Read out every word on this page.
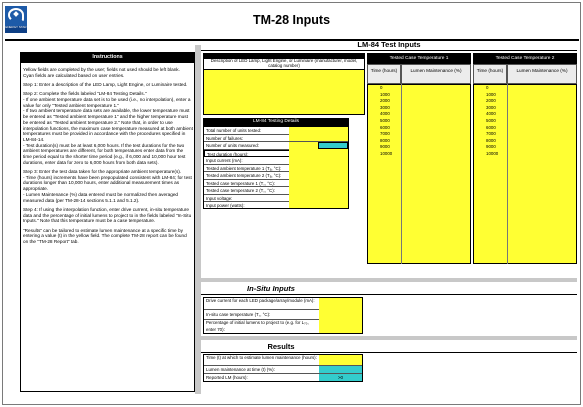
ENERGY STAR	TM-28 Inputs
Instructions

Yellow fields are completed by the user; fields not used should be left blank.
Cyan fields are calculated based on user entries.

Step 1: Enter a description of the LED Lamp, Light Engine, or Luminaire tested.

Step 2: Complete the fields labeled "LM-84 Testing Details."
- If one ambient temperature data set is to be used (i.e., no interpolation), enter a value for only "Tested ambient temperature 1."
- If two ambient temperature data sets are available, the lower temperature must be entered as "Tested ambient temperature 1" and the higher temperature must be entered as "Tested ambient temperature 2." Note that, in order to use interpolation functions, the maximum case temperature measured at both ambient temperatures must be provided in accordance with the procedures specified in LM-84-14.
- Test duration(s) must be at least 6,000 hours. If the test durations for the two ambient temperatures are different, for both temperatures enter data from the time period equal to the shorter time period (e.g., if 6,000 and 10,000 hour test durations, enter data for zero to 6,000 hours from both data sets).

Step 3: Enter the test data taken for the appropriate ambient temperature(s).
- Time (hours) increments have been prepopulated consistent with LM-84; for test durations longer than 10,000 hours, enter additional measurement times as appropriate.
- Lumen Maintenance (%) data entered must be normalized then averaged measured data (per TM-28-14 sections 5.1.1 and 5.1.2).

Step 4: If using the interpolation function, enter drive current, in-situ temperature data and the percentage of initial lumens to project to in the fields labeled "In-Situ Inputs." Note that this temperature must be a case temperature.

"Results" can be tailored to estimate lumen maintenance at a specific time by entering a value (t) in the yellow field. The complete TM-28 report can be found on the "TM-28 Report" tab.

LM-84 Test Inputs
Description of LED Lamp, Light Engine, or Luminaire (manufacturer, model, catalog number)
Tested Case Temperature 1
Time (hours)	Lumen Maintenance (%)
0
1000
2000
3000
4000
5000
6000
7000
8000
9000
10000
Tested Case Temperature 2
Time (hours)	Lumen Maintenance (%)
0
1000
2000
3000
4000
5000
6000
7000
8000
9000
10000
LM-84 Testing Details
Total number of units tested:
Number of failures:
Number of units measured:
Test duration (hours):
Input current (mA):
Tested ambient temperature 1 (Tₐ, °C):
Tested ambient temperature 2 (Tₐ, °C):
Tested case temperature 1 (T꜀, °C):
Tested case temperature 2 (T꜀, °C):
Input voltage:
Input power (watts):
In-Situ Inputs
Drive current for each LED package/array/module (mA):
In-situ case temperature (T꜀, °C):
Percentage of initial lumens to project to (e.g. for L₇₀, enter 70):
Results
Time (t) at which to estimate lumen maintenance (hours):
Lumen maintenance at time (t) (%):
Reported LM (hours):	>0
